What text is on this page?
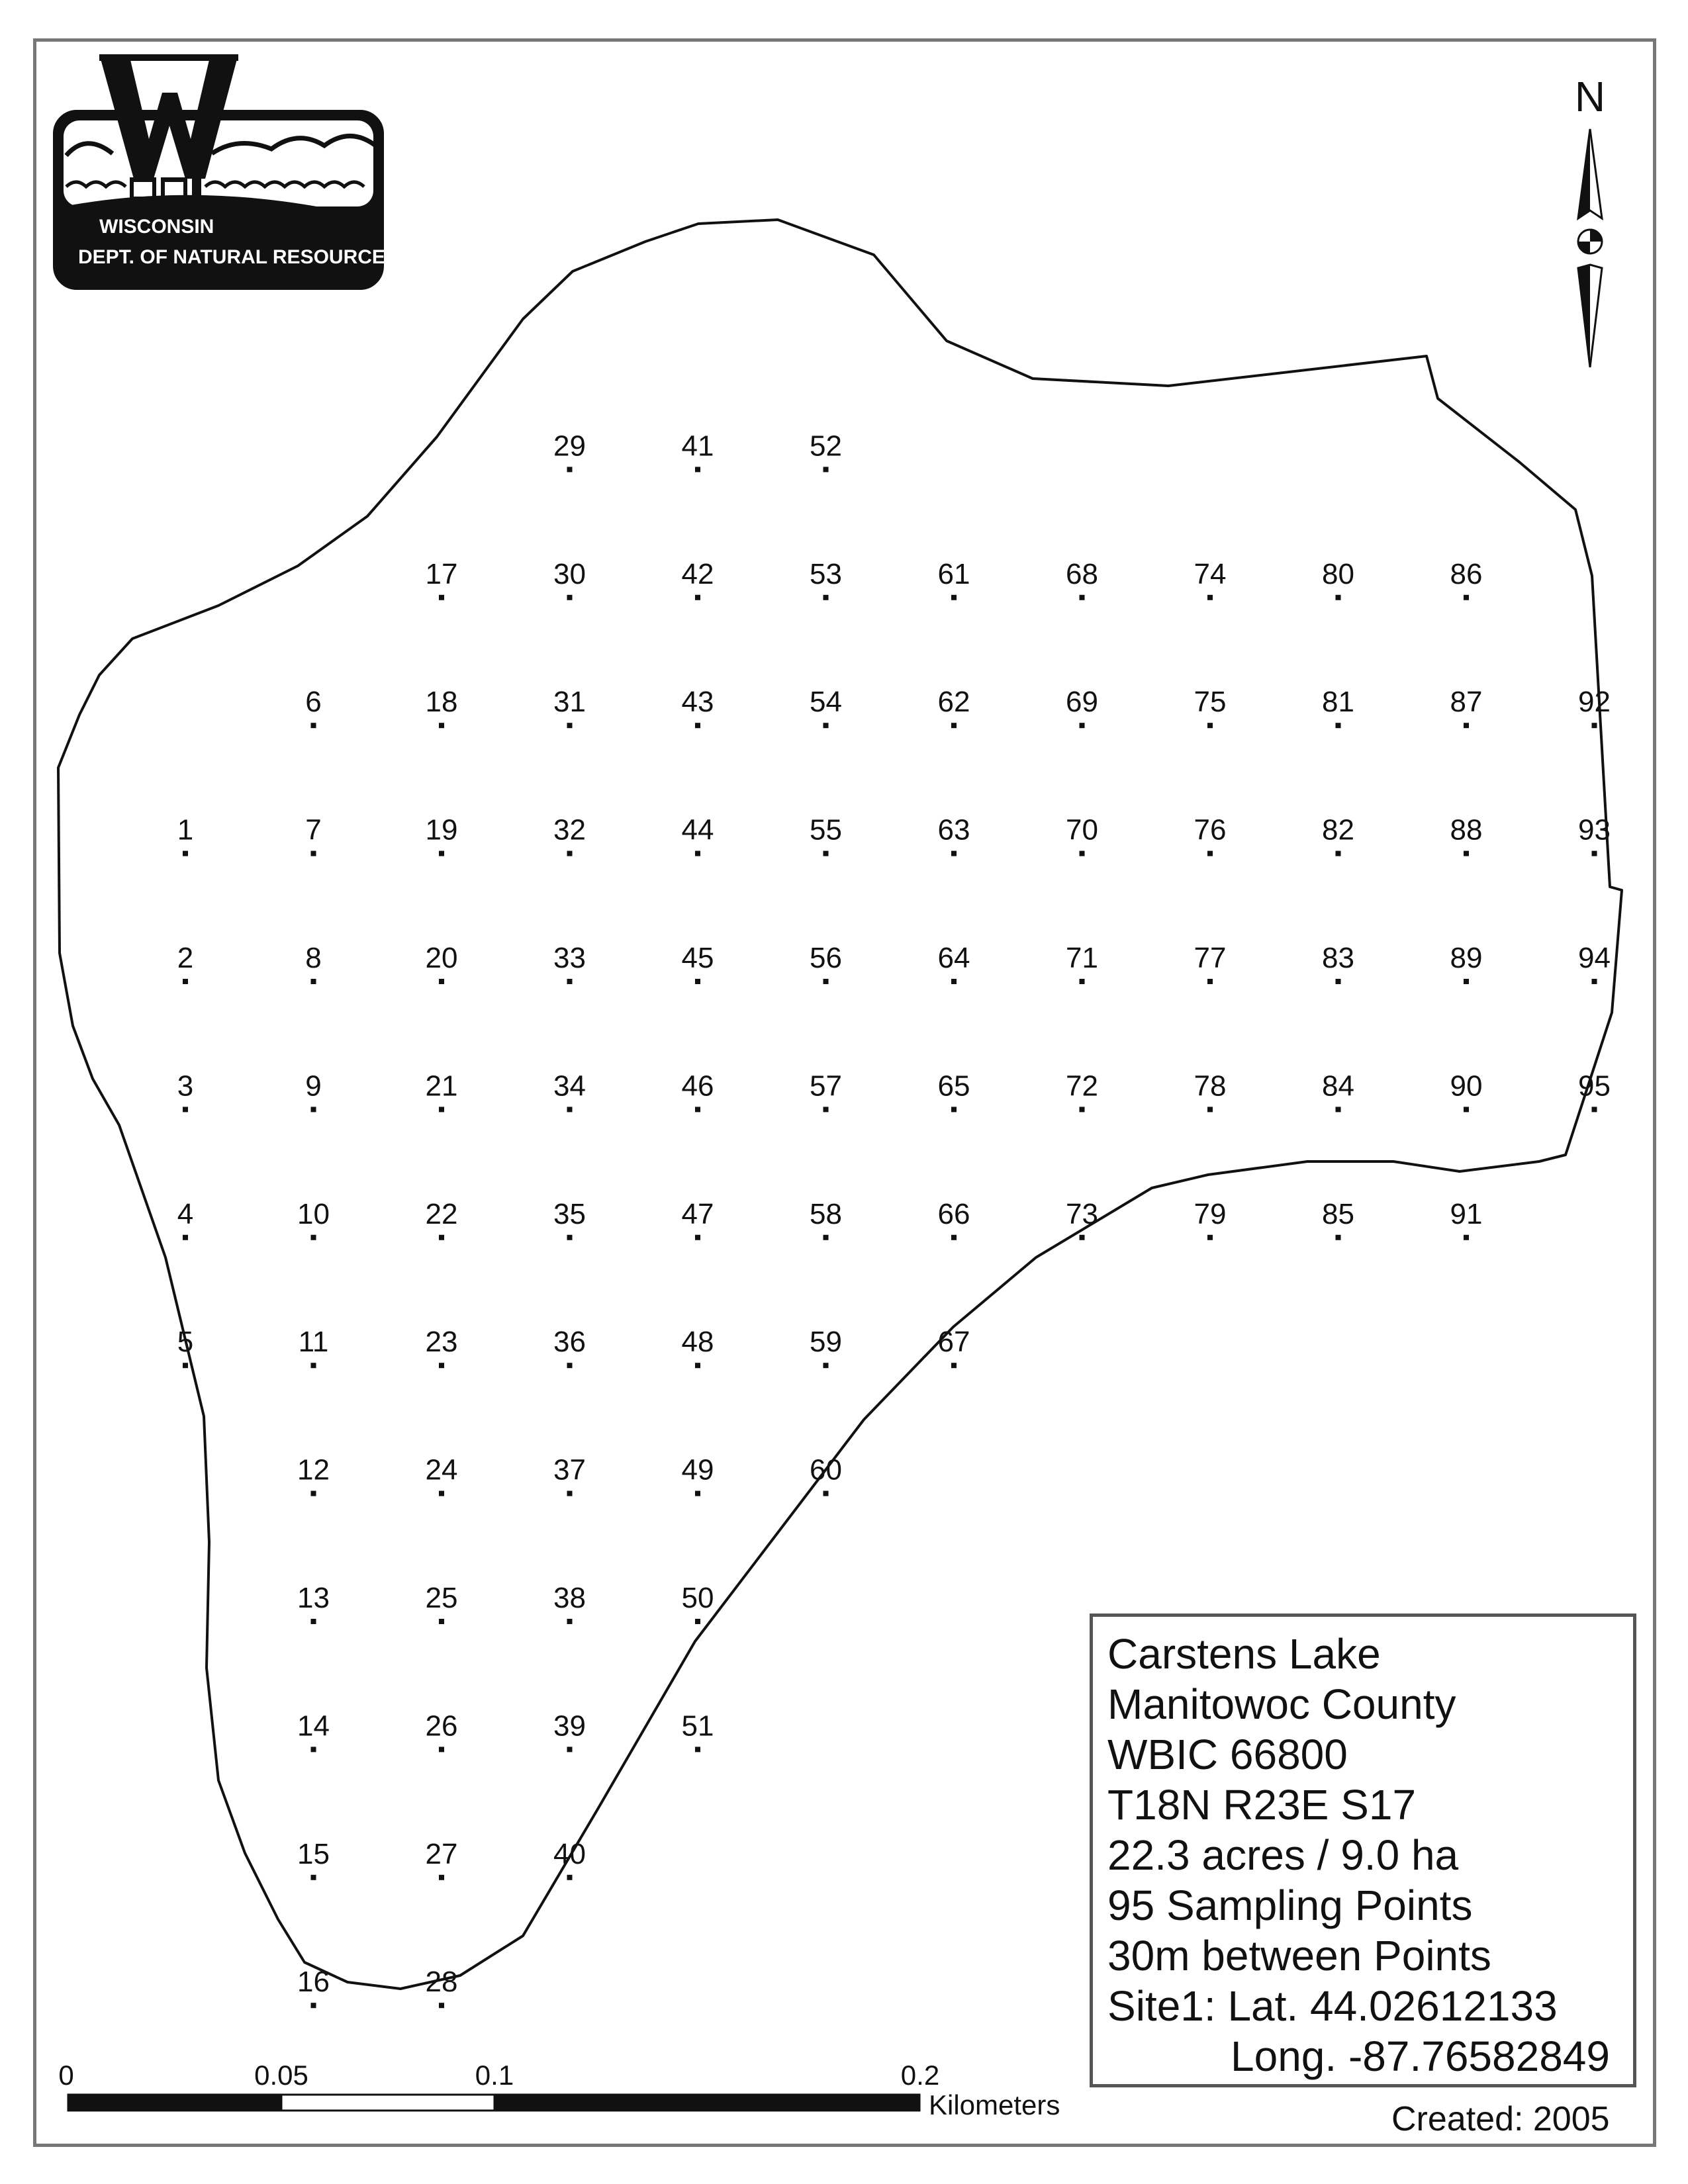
1
2
3
4
5
6
7
8
9
10
11
12
13
14
15
16
17
18
19
20
21
22
23
24
25
26
27
28
29
30
31
32
33
34
35
36
37
38
39
40
41
42
43
44
45
46
47
48
49
50
51
52
53
54
55
56
57
58
59
60
61
62
63
64
65
66
67
68
69
70
71
72
73
74
75
76
77
78
79
80
81
82
83
84
85
86
87
88
89
90
91
92
93
94
95
WISCONSIN
DEPT. OF NATURAL RESOURCES
N
0	0.05	0.1	0.2
Kilometers
Carstens Lake
Manitowoc County
WBIC 66800
T18N R23E S17
22.3 acres / 9.0 ha
95 Sampling Points
30m between Points
Site1: Lat. 44.02612133
Long. -87.76582849
Created: 2005
